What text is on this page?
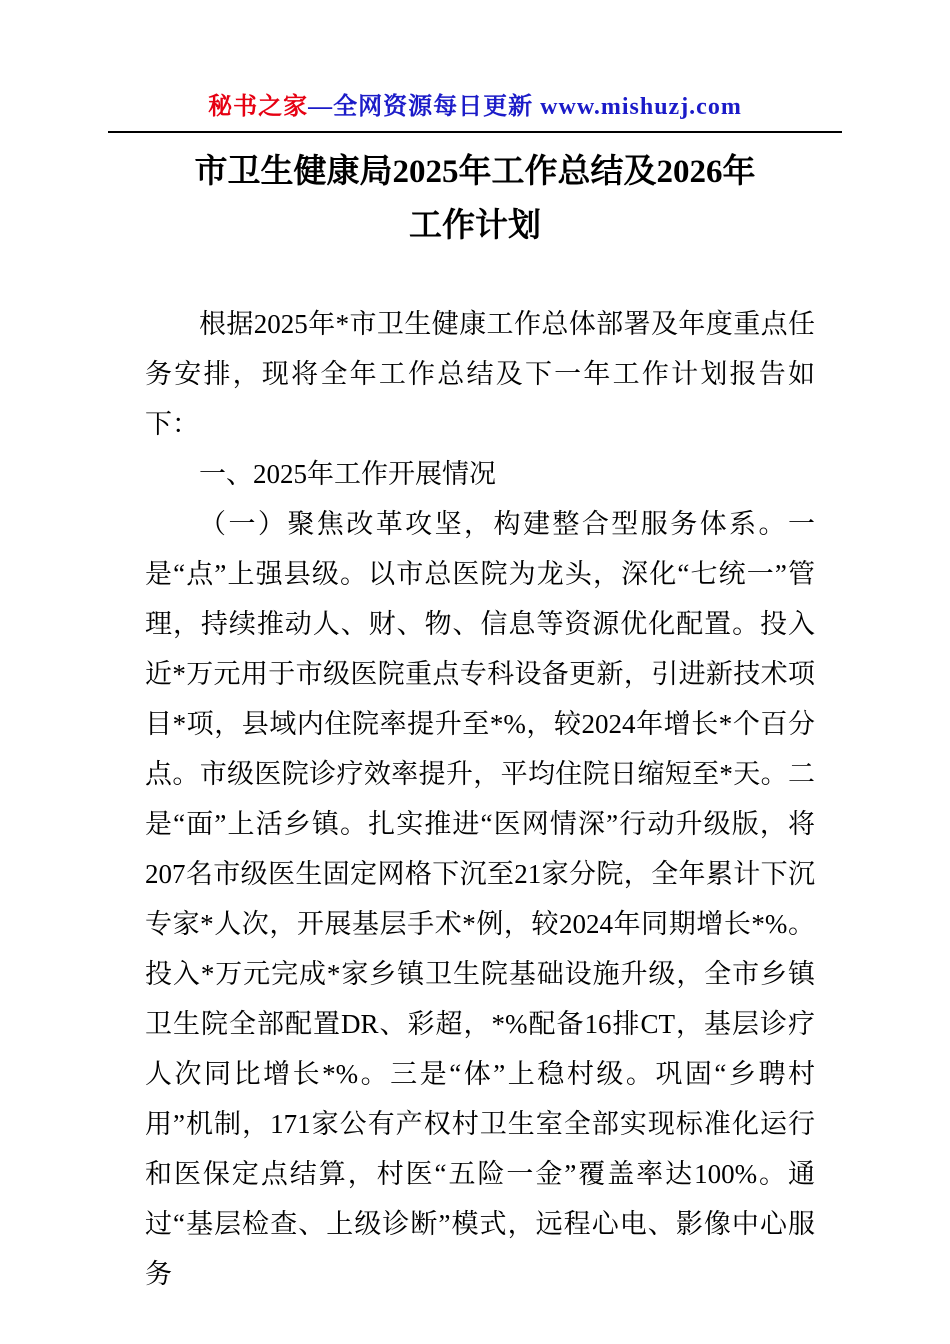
秘书之家—全网资源每日更新 www.mishuzj.com
市卫生健康局2025年工作总结及2026年
工作计划

根据2025年*市卫生健康工作总体部署及年度重点任务安排，现将全年工作总结及下一年工作计划报告如下：

一、2025年工作开展情况

（一）聚焦改革攻坚，构建整合型服务体系。一是“点”上强县级。以市总医院为龙头，深化“七统一”管理，持续推动人、财、物、信息等资源优化配置。投入近*万元用于市级医院重点专科设备更新，引进新技术项目*项，县域内住院率提升至*%，较2024年增长*个百分点。市级医院诊疗效率提升，平均住院日缩短至*天。二是“面”上活乡镇。扎实推进“医网情深”行动升级版，将207名市级医生固定网格下沉至21家分院，全年累计下沉专家*人次，开展基层手术*例，较2024年同期增长*%。投入*万元完成*家乡镇卫生院基础设施升级，全市乡镇卫生院全部配置DR、彩超，*%配备16排CT，基层诊疗人次同比增长*%。三是“体”上稳村级。巩固“乡聘村用”机制，171家公有产权村卫生室全部实现标准化运行和医保定点结算，村医“五险一金”覆盖率达100%。通过“基层检查、上级诊断”模式，远程心电、影像中心服务
